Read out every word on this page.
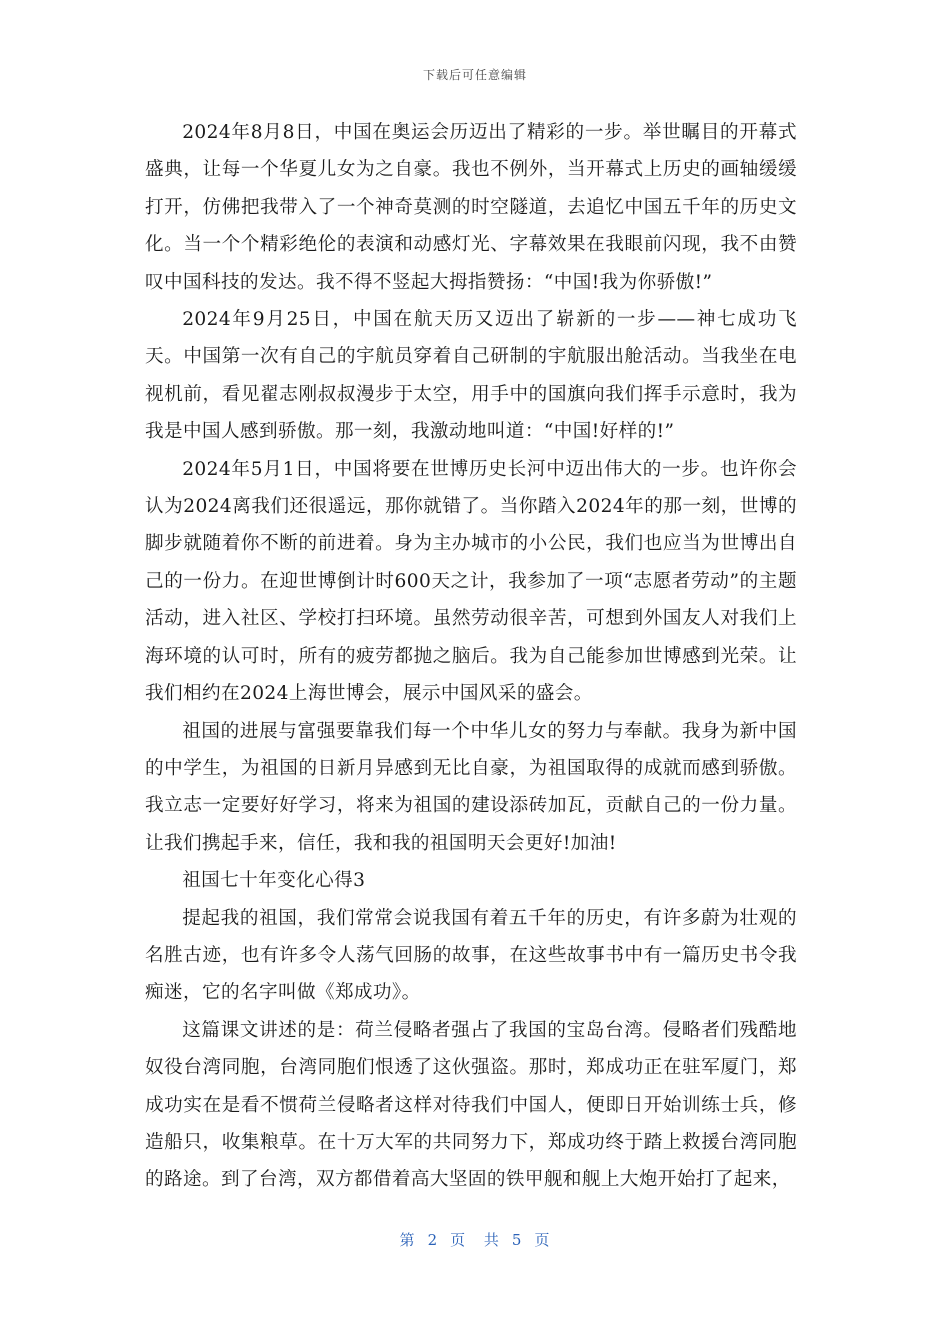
下载后可任意编辑

2024年8月8日，中国在奥运会历迈出了精彩的一步。举世瞩目的开幕式盛典，让每一个华夏儿女为之自豪。我也不例外，当开幕式上历史的画轴缓缓打开，仿佛把我带入了一个神奇莫测的时空隧道，去追忆中国五千年的历史文化。当一个个精彩绝伦的表演和动感灯光、字幕效果在我眼前闪现，我不由赞叹中国科技的发达。我不得不竖起大拇指赞扬：“中国!我为你骄傲!”

2024年9月25日，中国在航天历又迈出了崭新的一步——神七成功飞天。中国第一次有自己的宇航员穿着自己研制的宇航服出舱活动。当我坐在电视机前，看见翟志刚叔叔漫步于太空，用手中的国旗向我们挥手示意时，我为我是中国人感到骄傲。那一刻，我激动地叫道：“中国!好样的!”

2024年5月1日，中国将要在世博历史长河中迈出伟大的一步。也许你会认为2024离我们还很遥远，那你就错了。当你踏入2024年的那一刻，世博的脚步就随着你不断的前进着。身为主办城市的小公民，我们也应当为世博出自己的一份力。在迎世博倒计时600天之计，我参加了一项“志愿者劳动”的主题活动，进入社区、学校打扫环境。虽然劳动很辛苦，可想到外国友人对我们上海环境的认可时，所有的疲劳都抛之脑后。我为自己能参加世博感到光荣。让我们相约在2024上海世博会，展示中国风采的盛会。

祖国的进展与富强要靠我们每一个中华儿女的努力与奉献。我身为新中国的中学生，为祖国的日新月异感到无比自豪，为祖国取得的成就而感到骄傲。我立志一定要好好学习，将来为祖国的建设添砖加瓦，贡献自己的一份力量。让我们携起手来，信任，我和我的祖国明天会更好!加油!

祖国七十年变化心得3

提起我的祖国，我们常常会说我国有着五千年的历史，有许多蔚为壮观的名胜古迹，也有许多令人荡气回肠的故事，在这些故事书中有一篇历史书令我痴迷，它的名字叫做《郑成功》。

这篇课文讲述的是：荷兰侵略者强占了我国的宝岛台湾。侵略者们残酷地奴役台湾同胞，台湾同胞们恨透了这伙强盗。那时，郑成功正在驻军厦门，郑成功实在是看不惯荷兰侵略者这样对待我们中国人，便即日开始训练士兵，修造船只，收集粮草。在十万大军的共同努力下，郑成功终于踏上救援台湾同胞的路途。到了台湾，双方都借着高大坚固的铁甲舰和舰上大炮开始打了起来，

第 2 页 共 5 页
